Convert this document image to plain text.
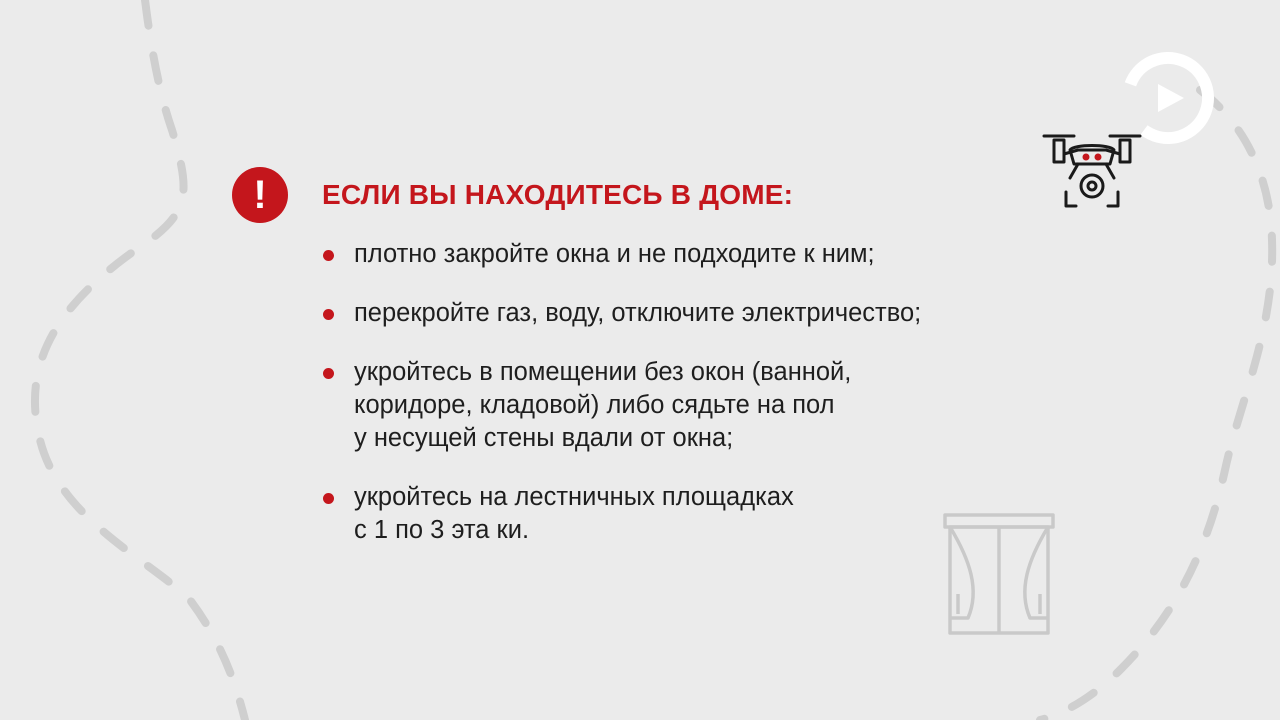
!	ЕСЛИ ВЫ НАХОДИТЕСЬ В ДОМЕ:
плотно закройте окна и не подходите к ним;
перекройте газ, воду, отключите электричество;
укройтесь в помещении без окон (ванной,
коридоре, кладовой) либо сядьте на пол
у несущей стены вдали от окна;
укройтесь на лестничных площадках
с 1 по 3 эта ки.
